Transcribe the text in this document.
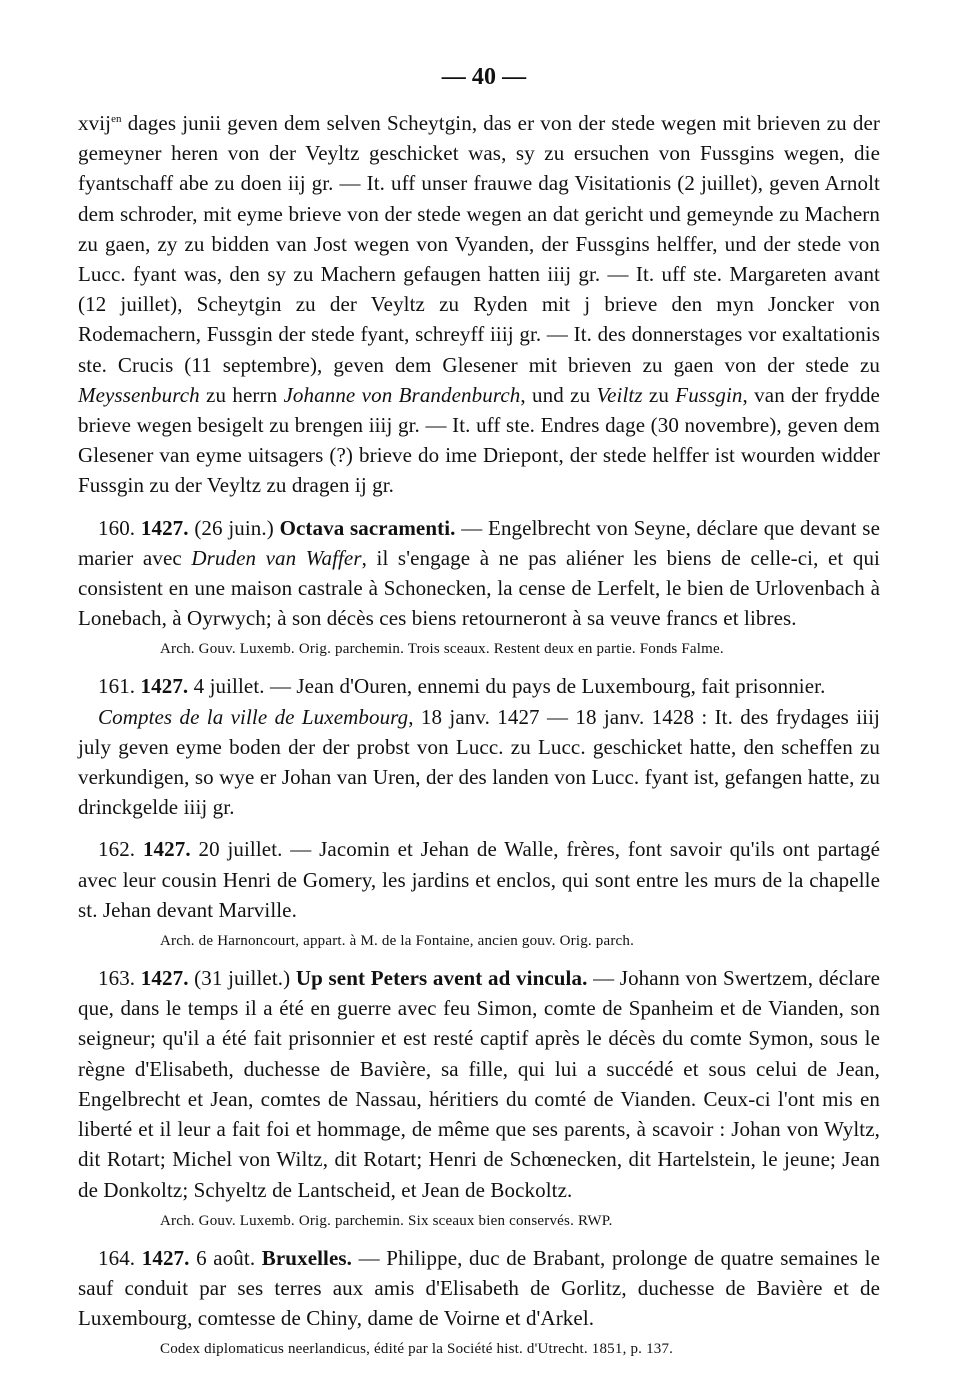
— 40 —

xvij$^{en}$ dages junii geven dem selven Scheytgin, das er von der stede wegen mit brieven zu der gemeyner heren von der Veyltz geschicket was, sy zu ersuchen von Fussgins wegen, die fyantschaff abe zu doen iij gr. — It. uff unser frauwe dag Visitationis (2 juillet), geven Arnolt dem schroder, mit eyme brieve von der stede wegen an dat gericht und gemeynde zu Machern zu gaen, zy zu bidden van Jost wegen von Vyanden, der Fussgins helffer, und der stede von Lucc. fyant was, den sy zu Machern gefaugen hatten iiij gr. — It. uff ste. Margareten avant (12 juillet), Scheytgin zu der Veyltz zu Ryden mit j brieve den myn Joncker von Rodemachern, Fussgin der stede fyant, schreyff iiij gr. — It. des donnerstages vor exaltationis ste. Crucis (11 septembre), geven dem Glesener mit brieven zu gaen von der stede zu Meyssenburch zu herrn Johanne von Brandenburch, und zu Veiltz zu Fussgin, van der frydde brieve wegen besigelt zu brengen iiij gr. — It. uff ste. Endres dage (30 novembre), geven dem Glesener van eyme uitsagers (?) brieve do ime Driepont, der stede helffer ist wourden widder Fussgin zu der Veyltz zu dragen ij gr.

160. 1427. (26 juin.) Octava sacramenti. — Engelbrecht von Seyne, déclare que devant se marier avec Druden van Waffer, il s'engage à ne pas aliéner les biens de celle-ci, et qui consistent en une maison castrale à Schonecken, la cense de Lerfelt, le bien de Urlovenbach à Lonebach, à Oyrwych; à son décès ces biens retourneront à sa veuve francs et libres.

Arch. Gouv. Luxemb. Orig. parchemin. Trois sceaux. Restent deux en partie. Fonds Falme.

161. 1427. 4 juillet. — Jean d'Ouren, ennemi du pays de Luxembourg, fait prisonnier.

Comptes de la ville de Luxembourg, 18 janv. 1427 — 18 janv. 1428 : It. des frydages iiij july geven eyme boden der der probst von Lucc. zu Lucc. geschicket hatte, den scheffen zu verkundigen, so wye er Johan van Uren, der des landen von Lucc. fyant ist, gefangen hatte, zu drinckgelde iiij gr.

162. 1427. 20 juillet. — Jacomin et Jehan de Walle, frères, font savoir qu'ils ont partagé avec leur cousin Henri de Gomery, les jardins et enclos, qui sont entre les murs de la chapelle st. Jehan devant Marville.

Arch. de Harnoncourt, appart. à M. de la Fontaine, ancien gouv. Orig. parch.

163. 1427. (31 juillet.) Up sent Peters avent ad vincula. — Johann von Swertzem, déclare que, dans le temps il a été en guerre avec feu Simon, comte de Spanheim et de Vianden, son seigneur; qu'il a été fait prisonnier et est resté captif après le décès du comte Symon, sous le règne d'Elisabeth, duchesse de Bavière, sa fille, qui lui a succédé et sous celui de Jean, Engelbrecht et Jean, comtes de Nassau, héritiers du comté de Vianden. Ceux-ci l'ont mis en liberté et il leur a fait foi et hommage, de même que ses parents, à scavoir : Johan von Wyltz, dit Rotart; Michel von Wiltz, dit Rotart; Henri de Schœnecken, dit Hartelstein, le jeune; Jean de Donkoltz; Schyeltz de Lantscheid, et Jean de Bockoltz.

Arch. Gouv. Luxemb. Orig. parchemin. Six sceaux bien conservés. RWP.

164. 1427. 6 août. Bruxelles. — Philippe, duc de Brabant, prolonge de quatre semaines le sauf conduit par ses terres aux amis d'Elisabeth de Gorlitz, duchesse de Bavière et de Luxembourg, comtesse de Chiny, dame de Voirne et d'Arkel.

Codex diplomaticus neerlandicus, édité par la Société hist. d'Utrecht. 1851, p. 137.
